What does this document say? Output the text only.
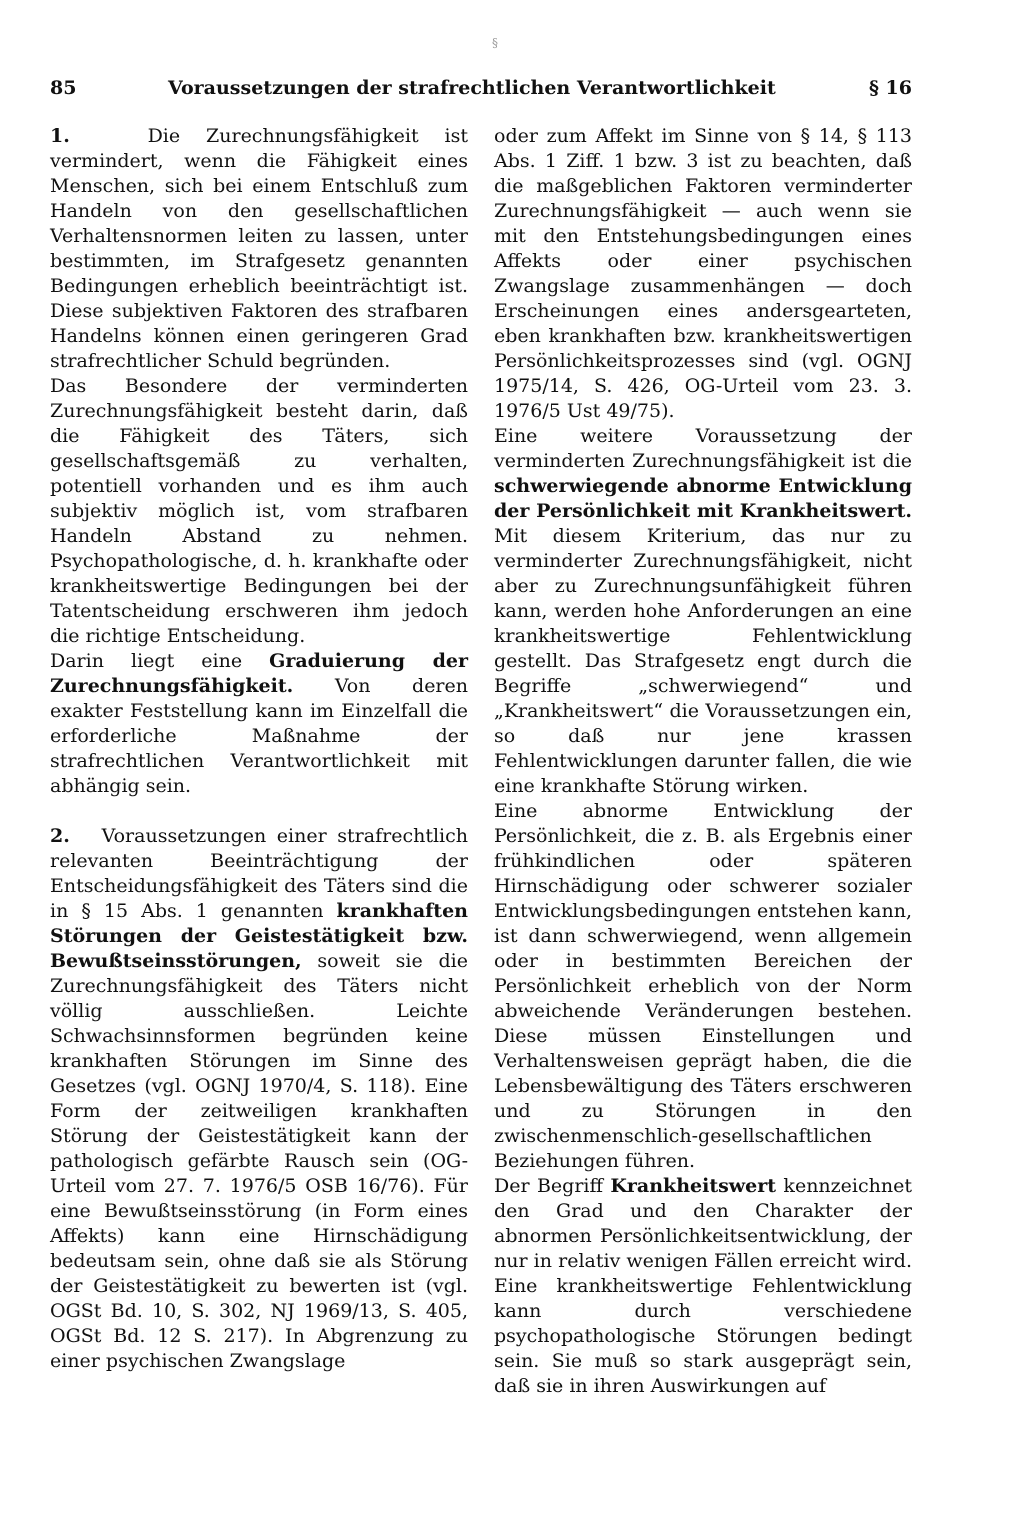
§
85	Voraussetzungen der strafrechtlichen Verantwortlichkeit	§ 16

1.	Die Zurechnungsfähigkeit ist vermindert, wenn die Fähigkeit eines Menschen, sich bei einem Entschluß zum Handeln von den gesellschaftlichen Verhaltensnormen leiten zu lassen, unter bestimmten, im Strafgesetz genannten Bedingungen erheblich beeinträchtigt ist. Diese subjektiven Faktoren des strafbaren Handelns können einen geringeren Grad strafrechtlicher Schuld begründen.

Das Besondere der verminderten Zurechnungsfähigkeit besteht darin, daß die Fähigkeit des Täters, sich gesellschaftsgemäß zu verhalten, potentiell vorhanden und es ihm auch subjektiv möglich ist, vom strafbaren Handeln Abstand zu nehmen. Psychopathologische, d. h. krankhafte oder krankheitswertige Bedingungen bei der Tatentscheidung erschweren ihm jedoch die richtige Entscheidung.

Darin liegt eine Graduierung der Zurechnungsfähigkeit. Von deren exakter Feststellung kann im Einzelfall die erforderliche Maßnahme der strafrechtlichen Verantwortlichkeit mit abhängig sein.

2. Voraussetzungen einer strafrechtlich relevanten Beeinträchtigung der Entscheidungsfähigkeit des Täters sind die in § 15 Abs. 1 genannten krankhaften Störungen der Geistestätigkeit bzw. Bewußtseinsstörungen, soweit sie die Zurechnungsfähigkeit des Täters nicht völlig ausschließen. Leichte Schwachsinnsformen begründen keine krankhaften Störungen im Sinne des Gesetzes (vgl. OGNJ 1970/4, S. 118). Eine Form der zeitweiligen krankhaften Störung der Geistestätigkeit kann der pathologisch gefärbte Rausch sein (OG-Urteil vom 27. 7. 1976/5 OSB 16/76). Für eine Bewußtseinsstörung (in Form eines Affekts) kann eine Hirnschädigung bedeutsam sein, ohne daß sie als Störung der Geistestätigkeit zu bewerten ist (vgl. OGSt Bd. 10, S. 302, NJ 1969/13, S. 405, OGSt Bd. 12 S. 217). In Abgrenzung zu einer psychischen Zwangslage

oder zum Affekt im Sinne von § 14, § 113 Abs. 1 Ziff. 1 bzw. 3 ist zu beachten, daß die maßgeblichen Faktoren verminderter Zurechnungsfähigkeit — auch wenn sie mit den Entstehungsbedingungen eines Affekts oder einer psychischen Zwangslage zusammenhängen — doch Erscheinungen eines andersgearteten, eben krankhaften bzw. krankheitswertigen Persönlichkeitsprozesses sind (vgl. OGNJ 1975/14, S. 426, OG-Urteil vom 23. 3. 1976/5 Ust 49/75).

Eine weitere Voraussetzung der verminderten Zurechnungsfähigkeit ist die schwerwiegende abnorme Entwicklung der Persönlichkeit mit Krankheitswert. Mit diesem Kriterium, das nur zu verminderter Zurechnungsfähigkeit, nicht aber zu Zurechnungsunfähigkeit führen kann, werden hohe Anforderungen an eine krankheitswertige Fehlentwicklung gestellt. Das Strafgesetz engt durch die Begriffe „schwerwiegend“ und „Krankheitswert“ die Voraussetzungen ein, so daß nur jene krassen Fehlentwicklungen darunter fallen, die wie eine krankhafte Störung wirken.

Eine abnorme Entwicklung der Persönlichkeit, die z. B. als Ergebnis einer frühkindlichen oder späteren Hirnschädigung oder schwerer sozialer Entwicklungsbedingungen entstehen kann, ist dann schwerwiegend, wenn allgemein oder in bestimmten Bereichen der Persönlichkeit erheblich von der Norm abweichende Veränderungen bestehen. Diese müssen Einstellungen und Verhaltensweisen geprägt haben, die die Lebensbewältigung des Täters erschweren und zu Störungen in den zwischenmenschlich-gesellschaftlichen Beziehungen führen.

Der Begriff Krankheitswert kennzeichnet den Grad und den Charakter der abnormen Persönlichkeitsentwicklung, der nur in relativ wenigen Fällen erreicht wird. Eine krankheitswertige Fehlentwicklung kann durch verschiedene psychopathologische Störungen bedingt sein. Sie muß so stark ausgeprägt sein, daß sie in ihren Auswirkungen auf
